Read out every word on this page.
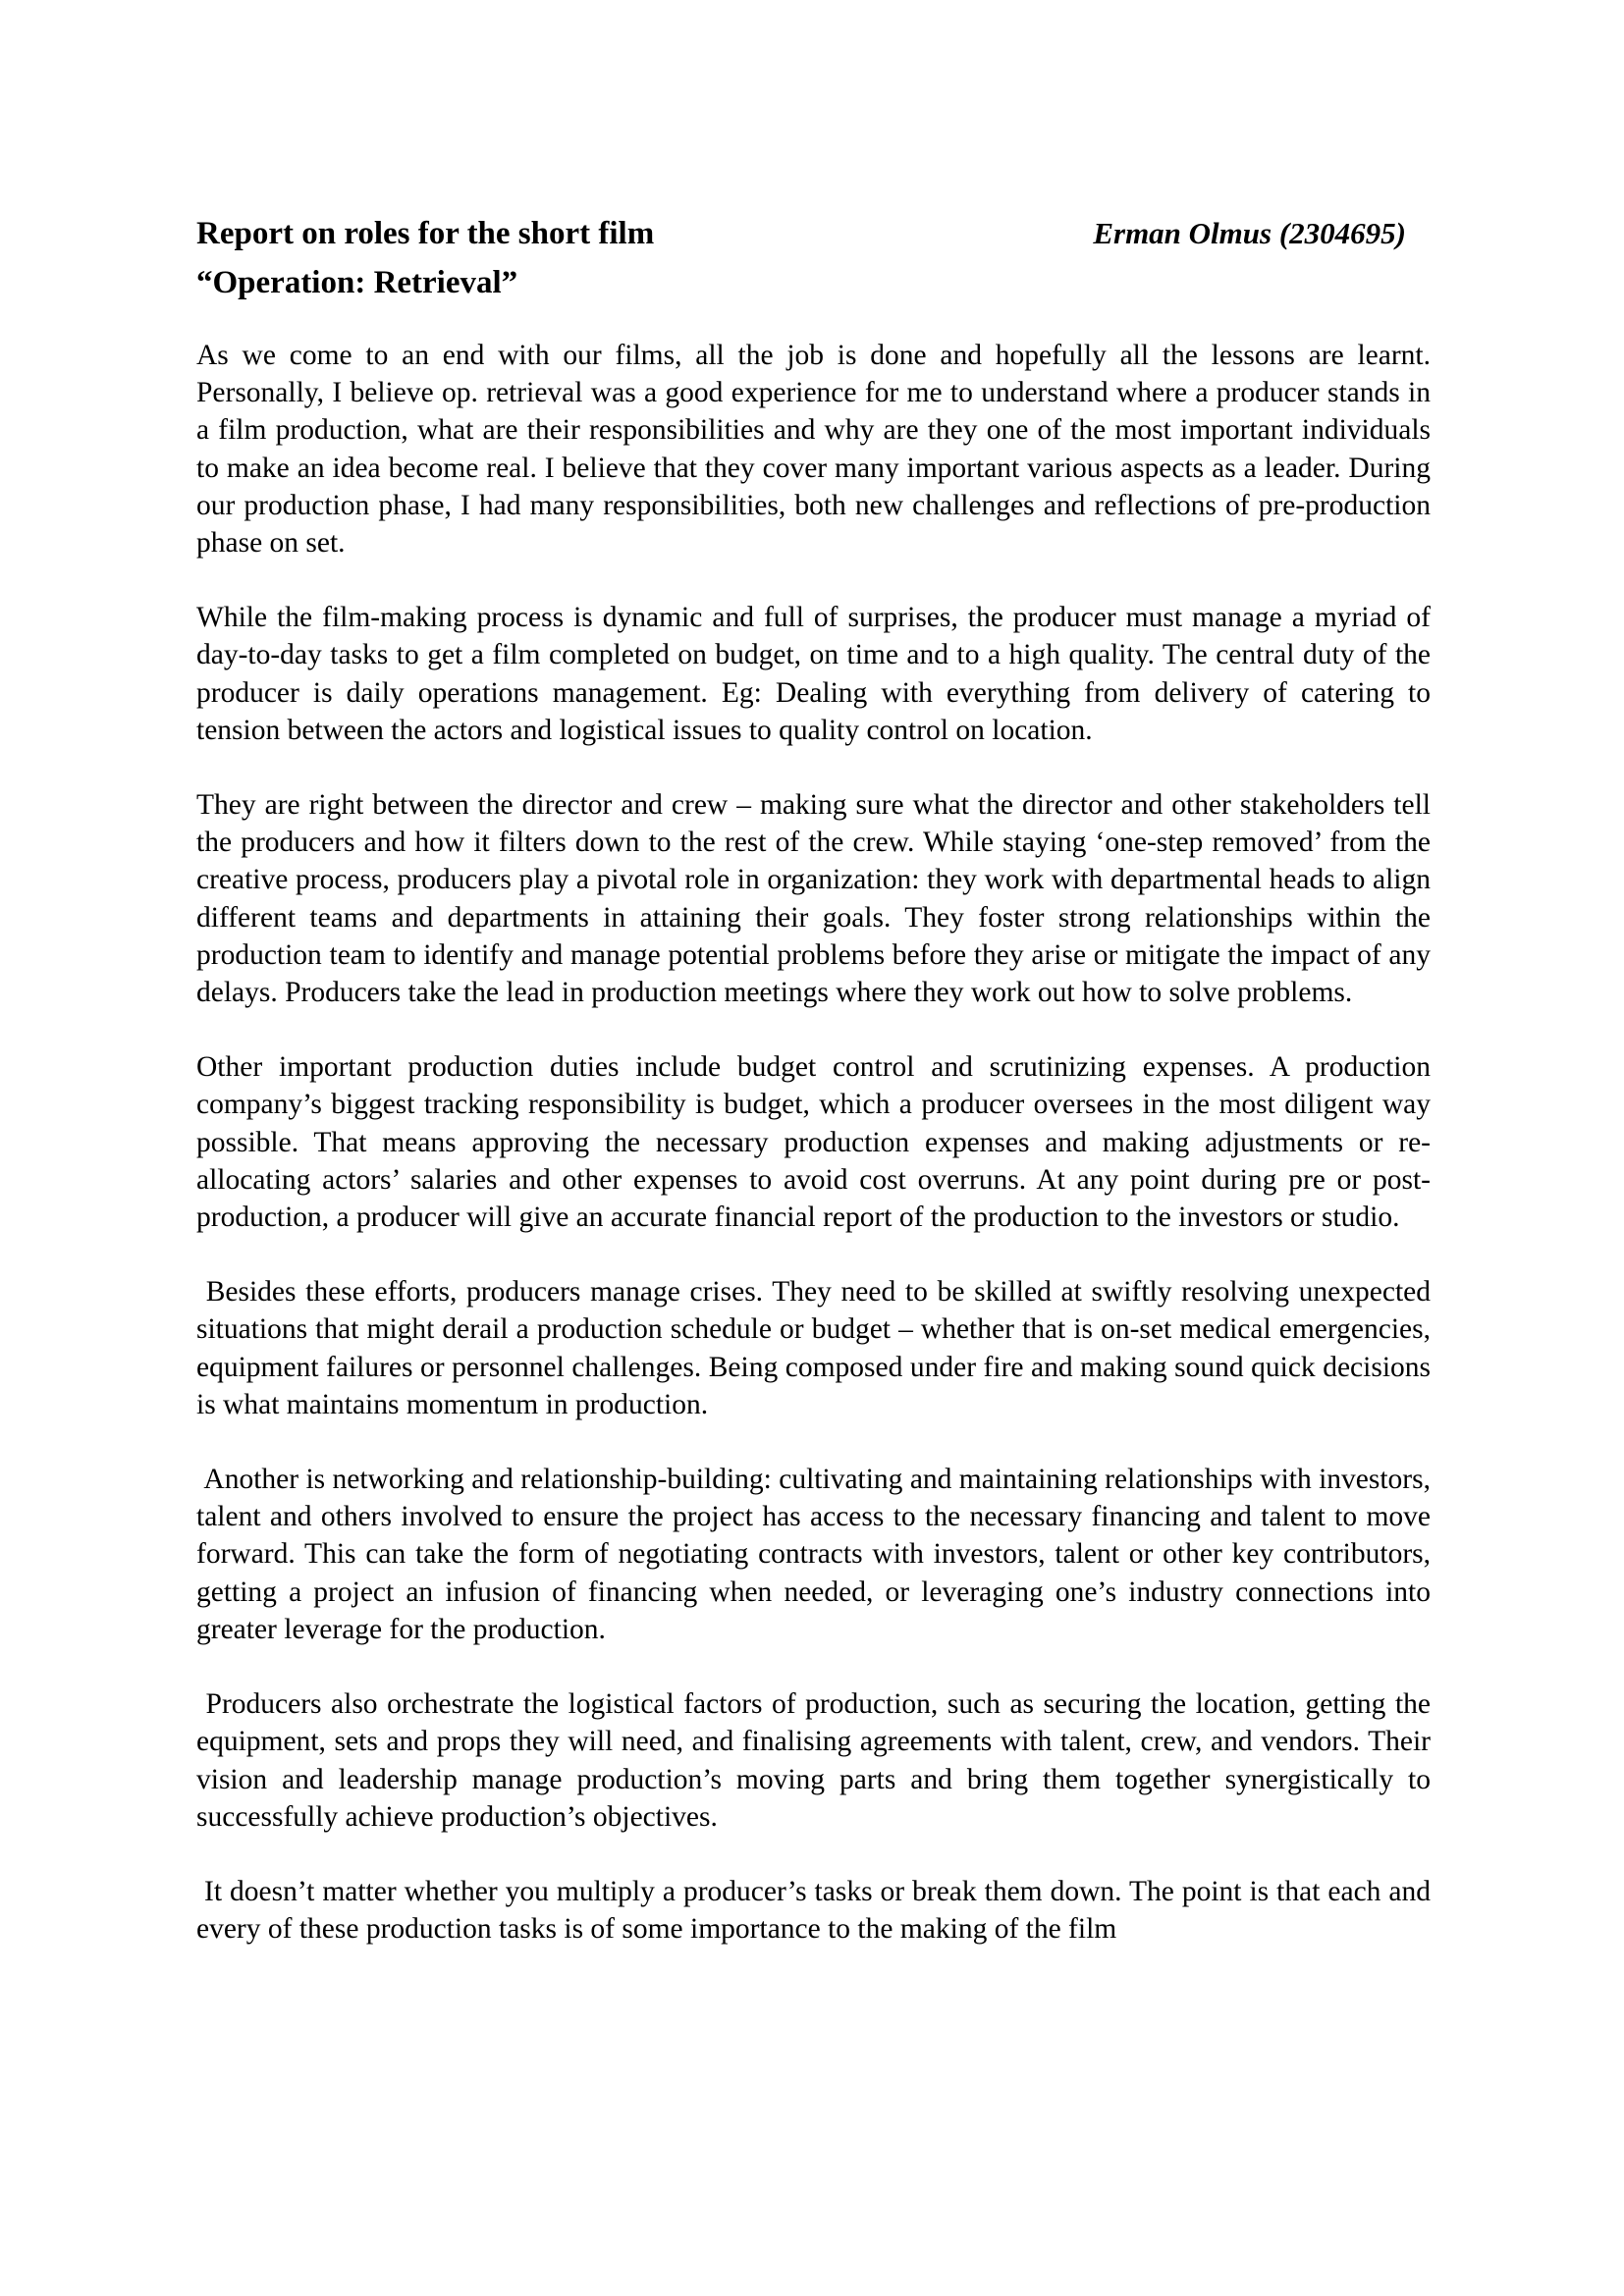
Report on roles for the short film
“Operation: Retrieval”
Erman Olmus (2304695)

As we come to an end with our films, all the job is done and hopefully all the lessons are learnt. Personally, I believe op. retrieval was a good experience for me to understand where a producer stands in a film production, what are their responsibilities and why are they one of the most important individuals to make an idea become real. I believe that they cover many important various aspects as a leader. During our production phase, I had many responsibilities, both new challenges and reflections of pre-production phase on set.

While the film-making process is dynamic and full of surprises, the producer must manage a myriad of day-to-day tasks to get a film completed on budget, on time and to a high quality. The central duty of the producer is daily operations management. Eg: Dealing with everything from delivery of catering to tension between the actors and logistical issues to quality control on location.

They are right between the director and crew – making sure what the director and other stakeholders tell the producers and how it filters down to the rest of the crew. While staying ‘one-step removed’ from the creative process, producers play a pivotal role in organization: they work with departmental heads to align different teams and departments in attaining their goals. They foster strong relationships within the production team to identify and manage potential problems before they arise or mitigate the impact of any delays. Producers take the lead in production meetings where they work out how to solve problems.

Other important production duties include budget control and scrutinizing expenses. A production company’s biggest tracking responsibility is budget, which a producer oversees in the most diligent way possible. That means approving the necessary production expenses and making adjustments or re-allocating actors’ salaries and other expenses to avoid cost overruns. At any point during pre or post-production, a producer will give an accurate financial report of the production to the investors or studio.

Besides these efforts, producers manage crises. They need to be skilled at swiftly resolving unexpected situations that might derail a production schedule or budget – whether that is on-set medical emergencies, equipment failures or personnel challenges. Being composed under fire and making sound quick decisions is what maintains momentum in production.

Another is networking and relationship-building: cultivating and maintaining relationships with investors, talent and others involved to ensure the project has access to the necessary financing and talent to move forward. This can take the form of negotiating contracts with investors, talent or other key contributors, getting a project an infusion of financing when needed, or leveraging one’s industry connections into greater leverage for the production.

Producers also orchestrate the logistical factors of production, such as securing the location, getting the equipment, sets and props they will need, and finalising agreements with talent, crew, and vendors. Their vision and leadership manage production’s moving parts and bring them together synergistically to successfully achieve production’s objectives.

It doesn’t matter whether you multiply a producer’s tasks or break them down. The point is that each and every of these production tasks is of some importance to the making of the film
